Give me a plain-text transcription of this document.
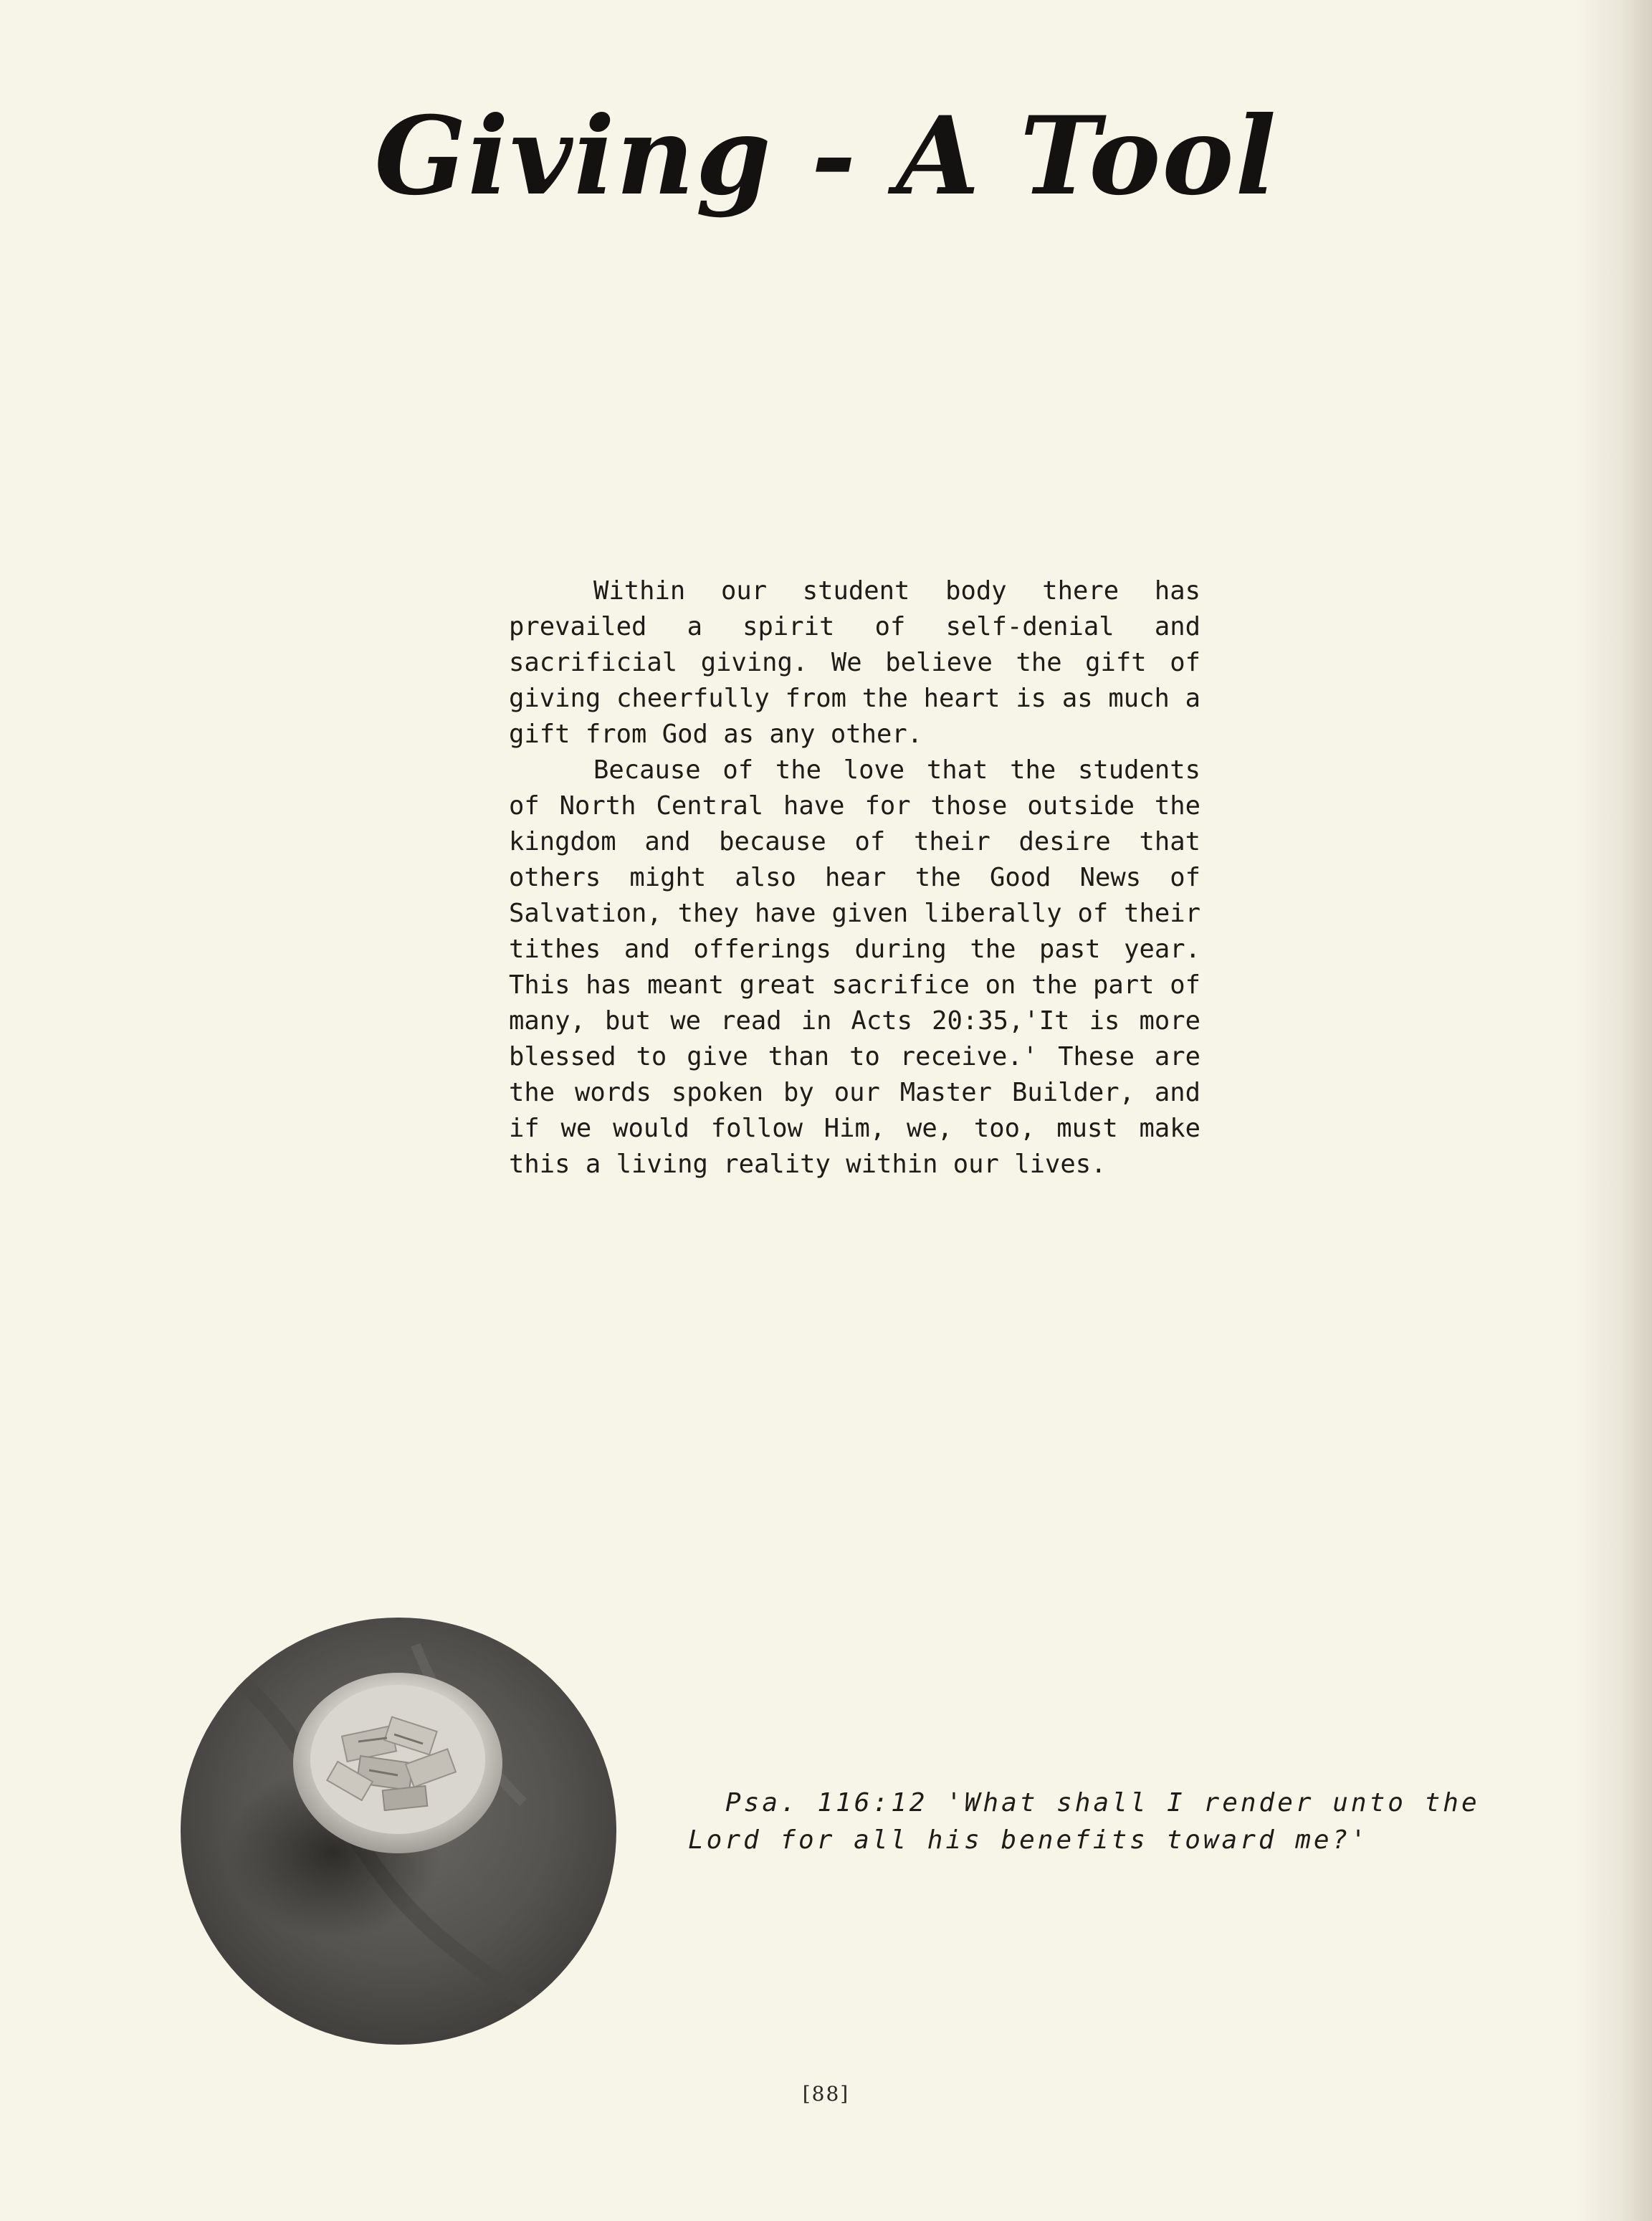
Giving - A Tool

Within our student body there has prevailed a spirit of self-denial and sacrificial giving. We believe the gift of giving cheerfully from the heart is as much a gift from God as any other.

Because of the love that the students of North Central have for those outside the kingdom and because of their desire that others might also hear the Good News of Salvation, they have given liberally of their tithes and offerings during the past year. This has meant great sacrifice on the part of many, but we read in Acts 20:35,'It is more blessed to give than to receive.' These are the words spoken by our Master Builder, and if we would follow Him, we, too, must make this a living reality within our lives.

Psa. 116:12 'What shall I render unto the
Lord for all his benefits toward me?'
[88]
